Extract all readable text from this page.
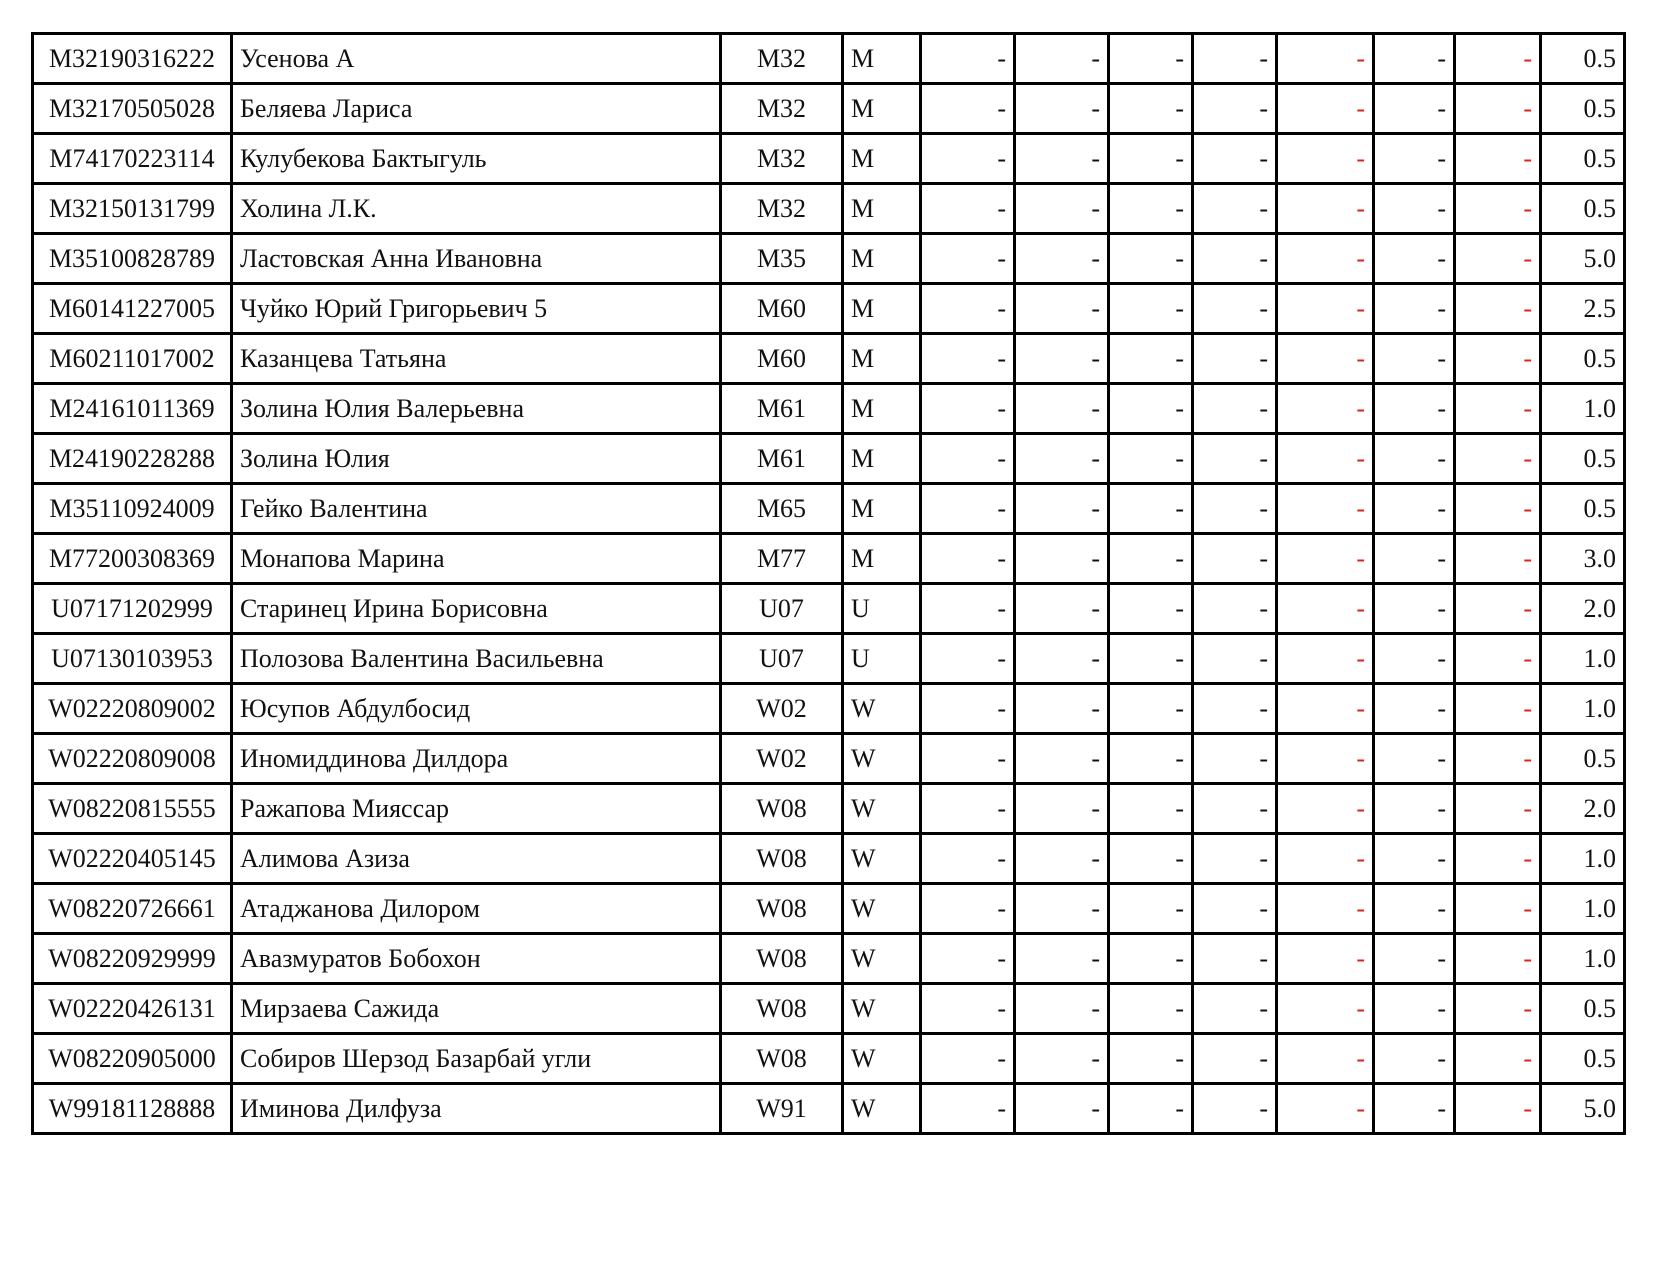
M32190316222	Усенова А	M32	M	-	-	-	-	-	-	-	0.5
M32170505028	Беляева Лариса	M32	M	-	-	-	-	-	-	-	0.5
M74170223114	Кулубекова Бактыгуль	M32	M	-	-	-	-	-	-	-	0.5
M32150131799	Холина Л.К.	M32	M	-	-	-	-	-	-	-	0.5
M35100828789	Ластовская Анна Ивановна	M35	M	-	-	-	-	-	-	-	5.0
M60141227005	Чуйко Юрий Григорьевич 5	M60	M	-	-	-	-	-	-	-	2.5
M60211017002	Казанцева Татьяна	M60	M	-	-	-	-	-	-	-	0.5
M24161011369	Золина Юлия Валерьевна	M61	M	-	-	-	-	-	-	-	1.0
M24190228288	Золина Юлия	M61	M	-	-	-	-	-	-	-	0.5
M35110924009	Гейко Валентина	M65	M	-	-	-	-	-	-	-	0.5
M77200308369	Монапова Марина	M77	M	-	-	-	-	-	-	-	3.0
U07171202999	Старинец Ирина Борисовна	U07	U	-	-	-	-	-	-	-	2.0
U07130103953	Полозова Валентина Васильевна	U07	U	-	-	-	-	-	-	-	1.0
W02220809002	Юсупов Абдулбосид	W02	W	-	-	-	-	-	-	-	1.0
W02220809008	Иномиддинова Дилдора	W02	W	-	-	-	-	-	-	-	0.5
W08220815555	Ражапова Мияссар	W08	W	-	-	-	-	-	-	-	2.0
W02220405145	Алимова Азиза	W08	W	-	-	-	-	-	-	-	1.0
W08220726661	Атаджанова Дилором	W08	W	-	-	-	-	-	-	-	1.0
W08220929999	Авазмуратов Бобохон	W08	W	-	-	-	-	-	-	-	1.0
W02220426131	Мирзаева Сажида	W08	W	-	-	-	-	-	-	-	0.5
W08220905000	Собиров Шерзод Базарбай угли	W08	W	-	-	-	-	-	-	-	0.5
W99181128888	Иминова Дилфуза	W91	W	-	-	-	-	-	-	-	5.0
